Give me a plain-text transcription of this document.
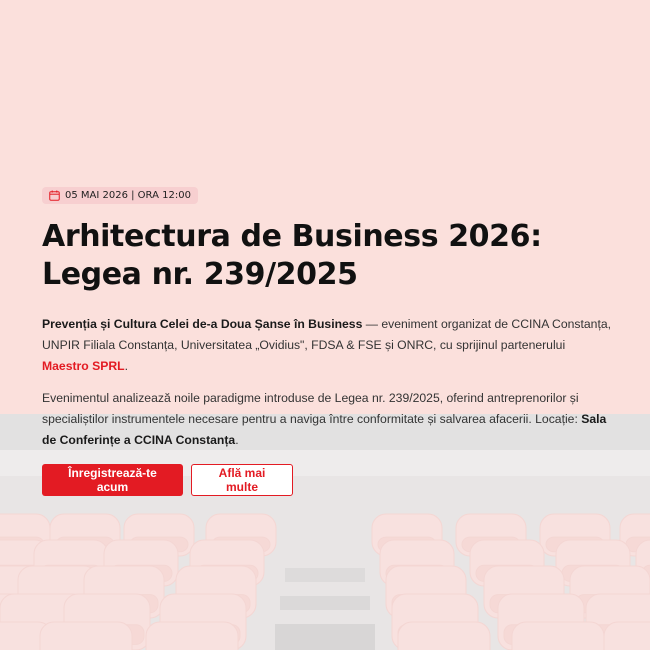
05 MAI 2026 | ORA 12:00
Arhitectura de Business 2026: Legea nr. 239/2025

Prevenția și Cultura Celei de-a Doua Șanse în Business — eveniment organizat de CCINA Constanța, UNPIR Filiala Constanța, Universitatea „Ovidius", FDSA & FSE și ONRC, cu sprijinul partenerului Maestro SPRL.

Evenimentul analizează noile paradigme introduse de Legea nr. 239/2025, oferind antreprenorilor și specialiștilor instrumentele necesare pentru a naviga între conformitate și salvarea afacerii. Locație: Sala de Conferințe a CCINA Constanța.

Înregistrează-te acum
Află mai multe
